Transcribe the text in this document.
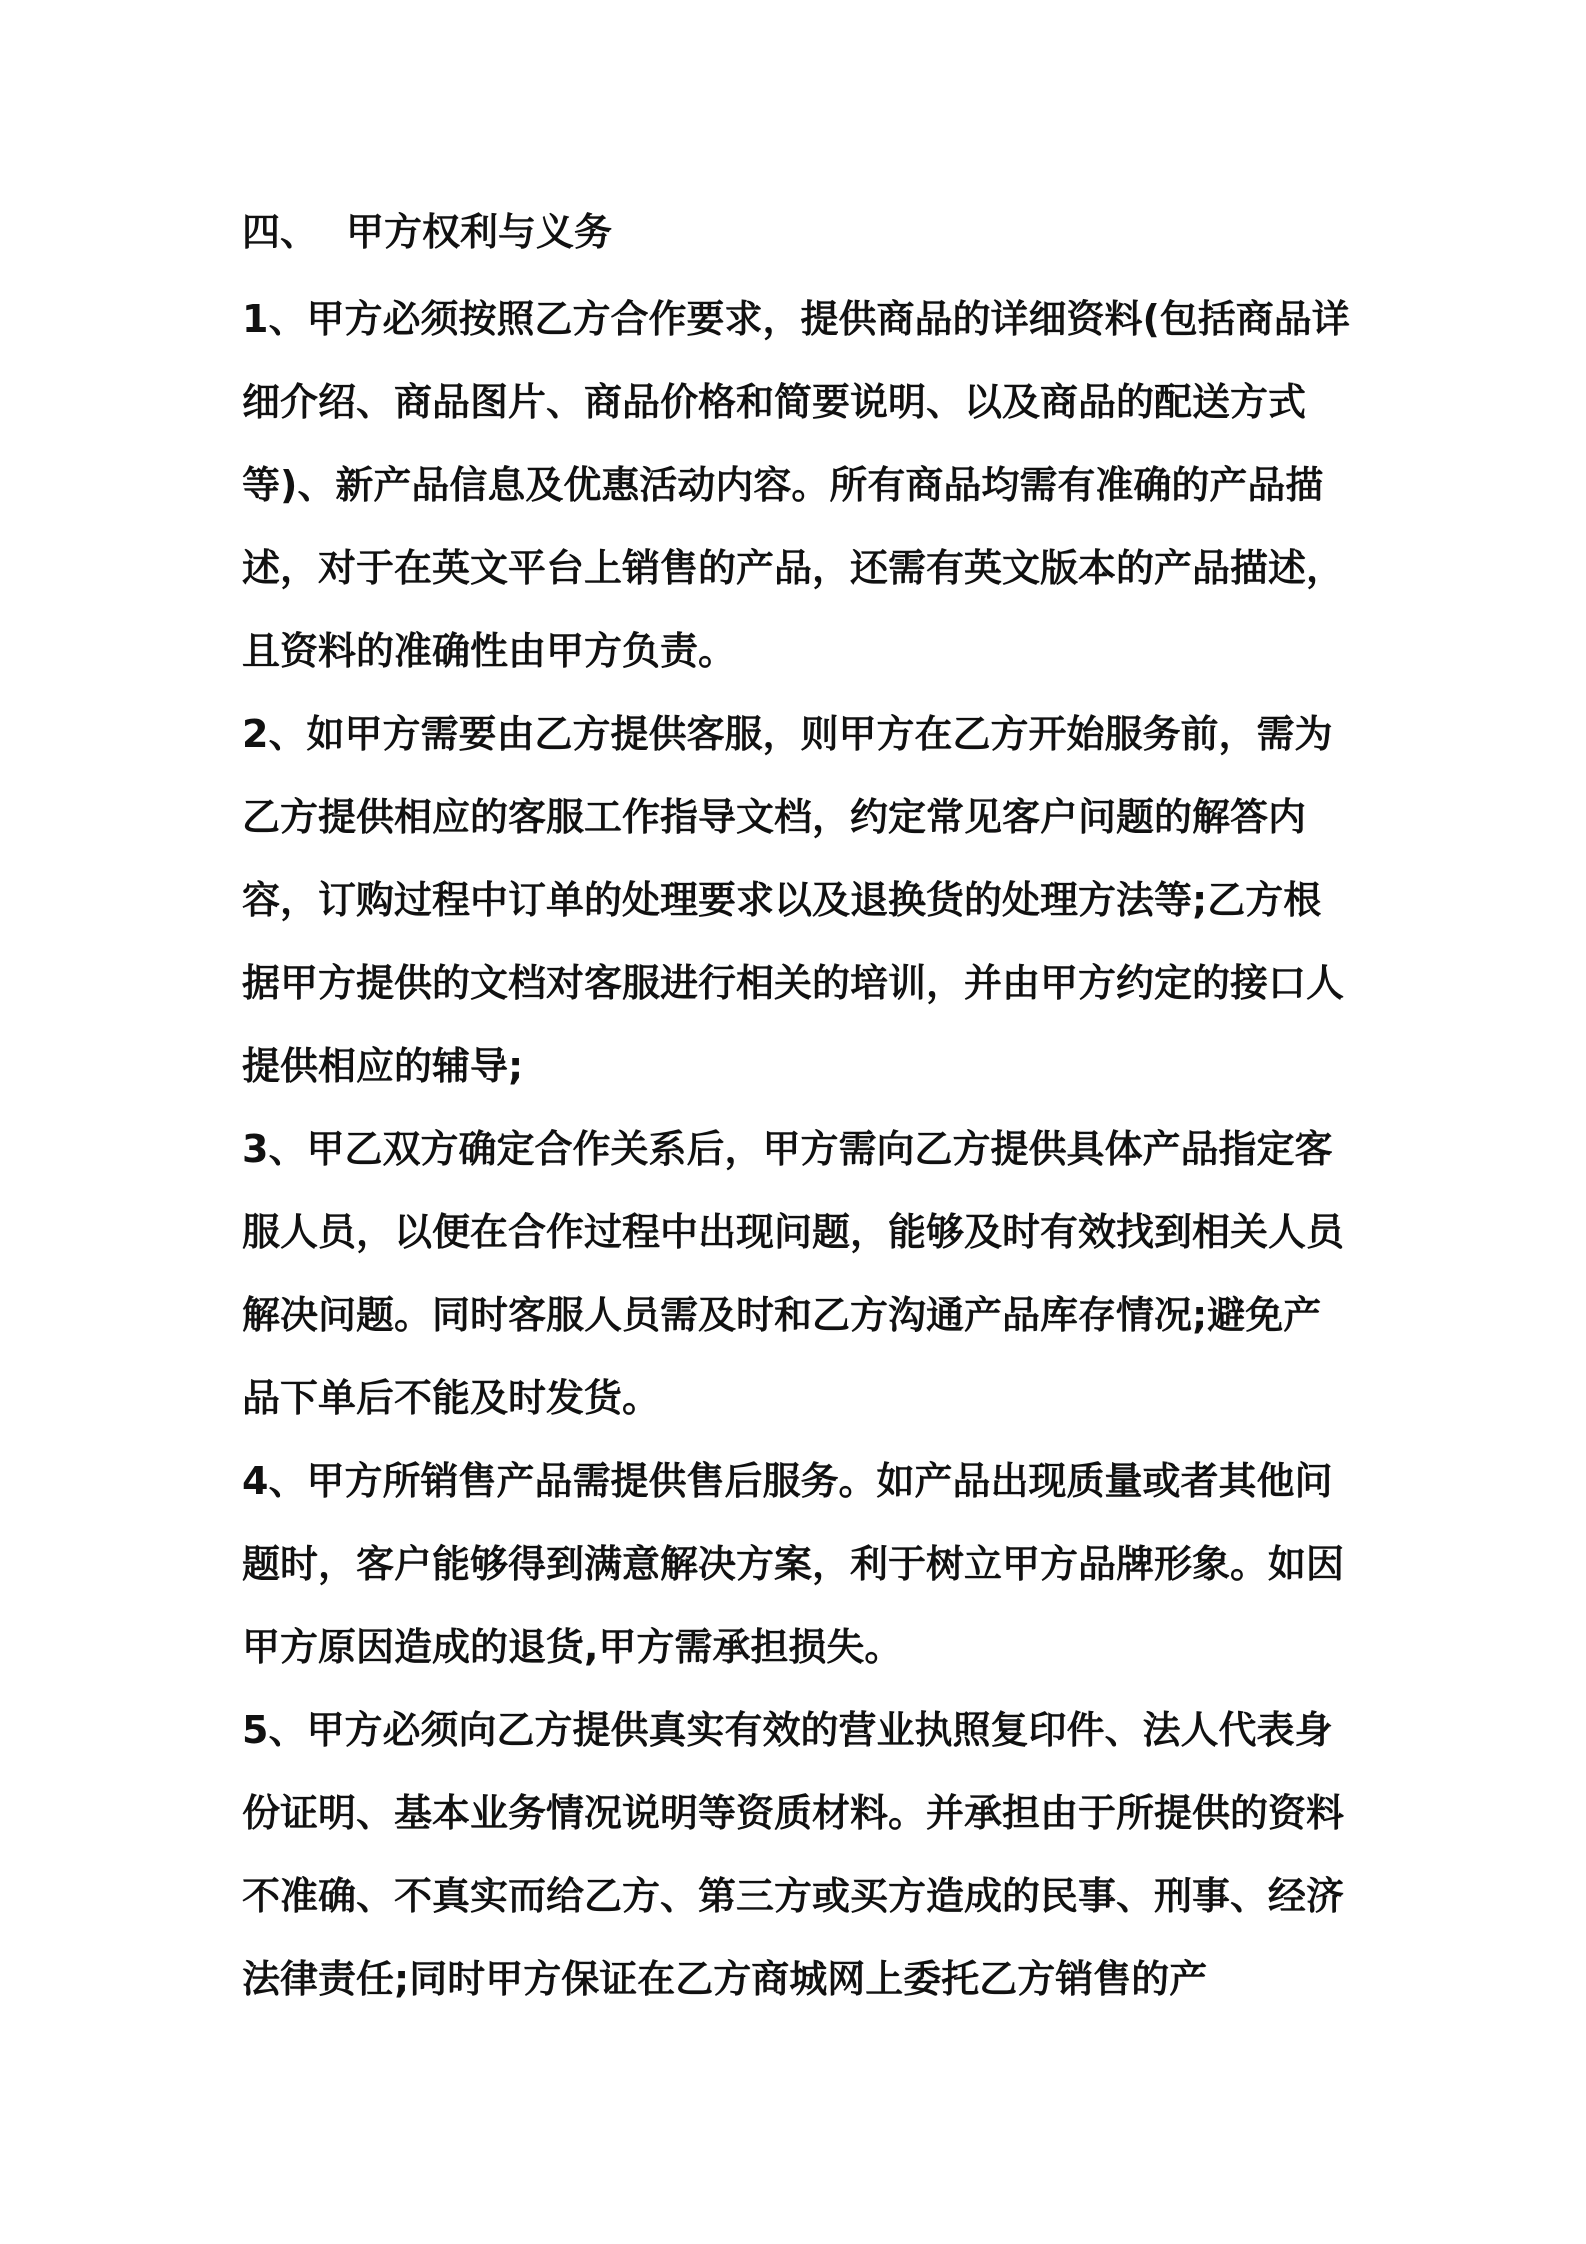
四、 甲方权利与义务

1、甲方必须按照乙方合作要求，提供商品的详细资料(包括商品详细介绍、商品图片、商品价格和简要说明、以及商品的配送方式等)、新产品信息及优惠活动内容。所有商品均需有准确的产品描述，对于在英文平台上销售的产品，还需有英文版本的产品描述，且资料的准确性由甲方负责。

2、如甲方需要由乙方提供客服，则甲方在乙方开始服务前，需为乙方提供相应的客服工作指导文档，约定常见客户问题的解答内容，订购过程中订单的处理要求以及退换货的处理方法等;乙方根据甲方提供的文档对客服进行相关的培训，并由甲方约定的接口人提供相应的辅导;

3、甲乙双方确定合作关系后，甲方需向乙方提供具体产品指定客服人员，以便在合作过程中出现问题，能够及时有效找到相关人员解决问题。同时客服人员需及时和乙方沟通产品库存情况;避免产品下单后不能及时发货。

4、甲方所销售产品需提供售后服务。如产品出现质量或者其他问题时，客户能够得到满意解决方案，利于树立甲方品牌形象。如因甲方原因造成的退货,甲方需承担损失。

5、甲方必须向乙方提供真实有效的营业执照复印件、法人代表身份证明、基本业务情况说明等资质材料。并承担由于所提供的资料不准确、不真实而给乙方、第三方或买方造成的民事、刑事、经济法律责任;同时甲方保证在乙方商城网上委托乙方销售的产
